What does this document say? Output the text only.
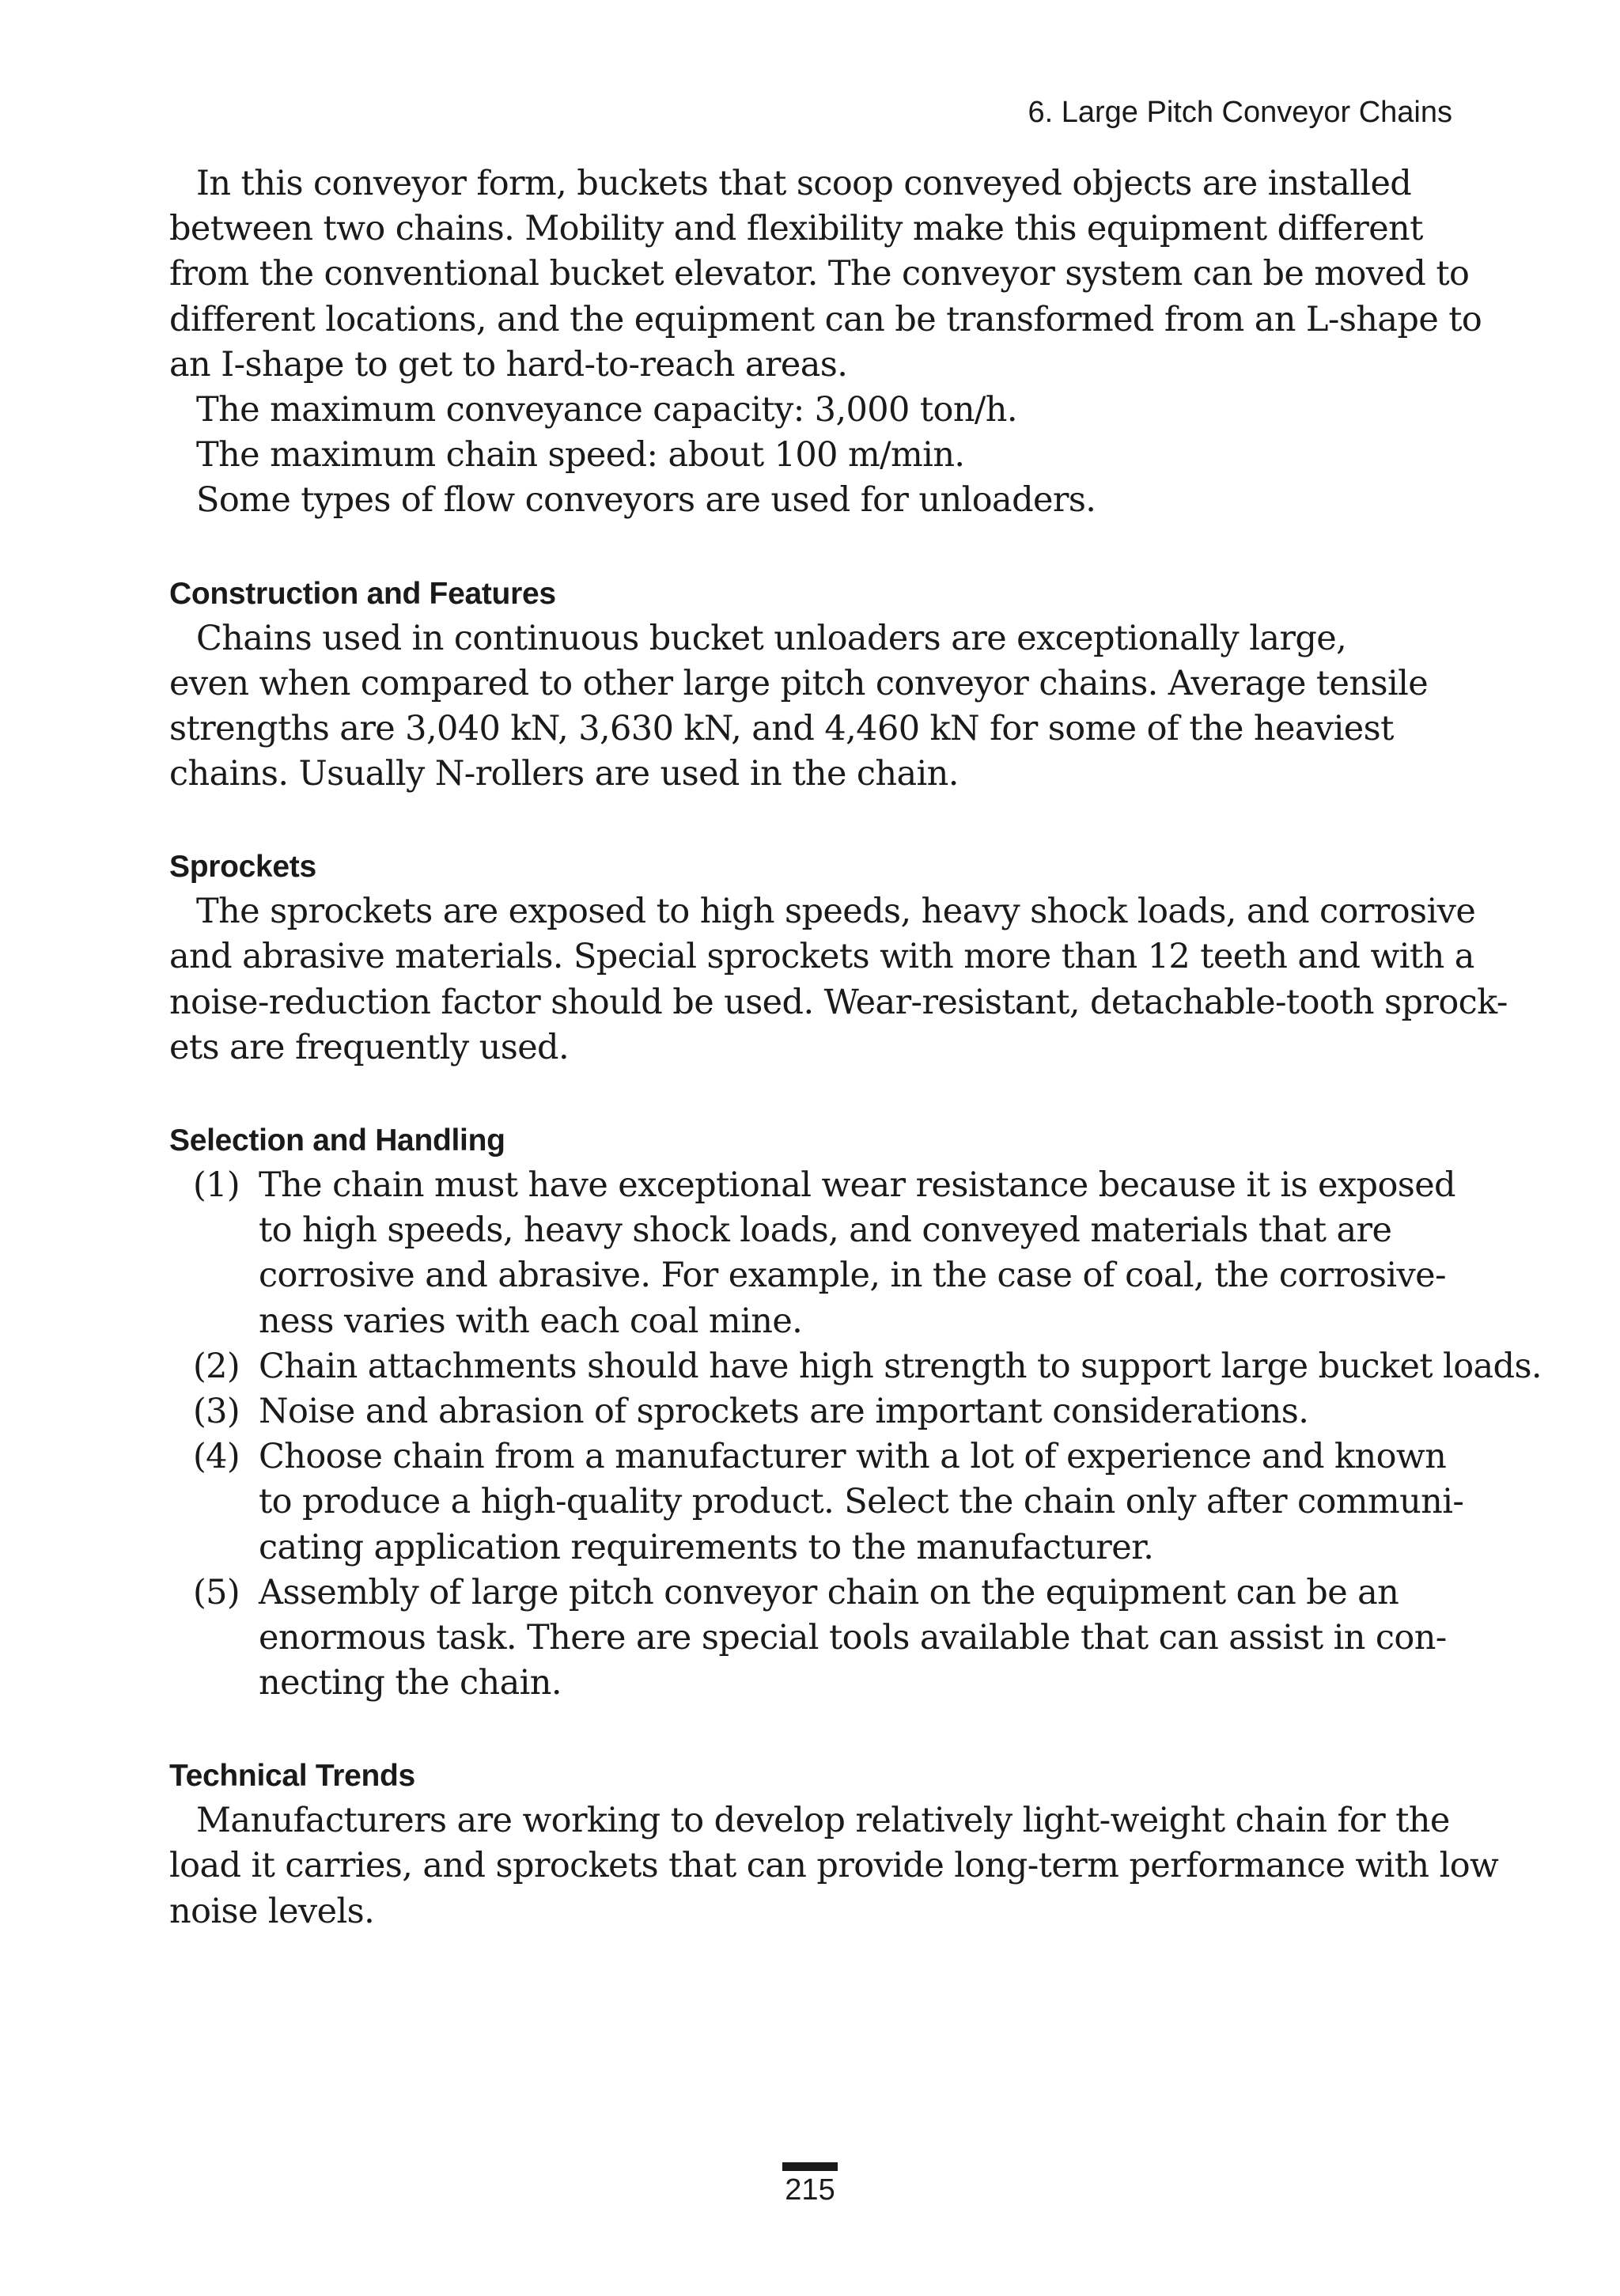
6. Large Pitch Conveyor Chains
In this conveyor form, buckets that scoop conveyed objects are installed
between two chains. Mobility and flexibility make this equipment different
from the conventional bucket elevator. The conveyor system can be moved to
different locations, and the equipment can be transformed from an L-shape to
an I-shape to get to hard-to-reach areas.
The maximum conveyance capacity: 3,000 ton/h.
The maximum chain speed: about 100 m/min.
Some types of flow conveyors are used for unloaders.
Construction and Features
Chains used in continuous bucket unloaders are exceptionally large,
even when compared to other large pitch conveyor chains. Average tensile
strengths are 3,040 kN, 3,630 kN, and 4,460 kN for some of the heaviest
chains. Usually N-rollers are used in the chain.
Sprockets
The sprockets are exposed to high speeds, heavy shock loads, and corrosive
and abrasive materials. Special sprockets with more than 12 teeth and with a
noise-reduction factor should be used. Wear-resistant, detachable-tooth sprock-
ets are frequently used.
Selection and Handling
(1) The chain must have exceptional wear resistance because it is exposed
to high speeds, heavy shock loads, and conveyed materials that are
corrosive and abrasive. For example, in the case of coal, the corrosive-
ness varies with each coal mine.
(2) Chain attachments should have high strength to support large bucket loads.
(3) Noise and abrasion of sprockets are important considerations.
(4) Choose chain from a manufacturer with a lot of experience and known
to produce a high-quality product. Select the chain only after communi-
cating application requirements to the manufacturer.
(5) Assembly of large pitch conveyor chain on the equipment can be an
enormous task. There are special tools available that can assist in con-
necting the chain.
Technical Trends
Manufacturers are working to develop relatively light-weight chain for the
load it carries, and sprockets that can provide long-term performance with low
noise levels.
215
